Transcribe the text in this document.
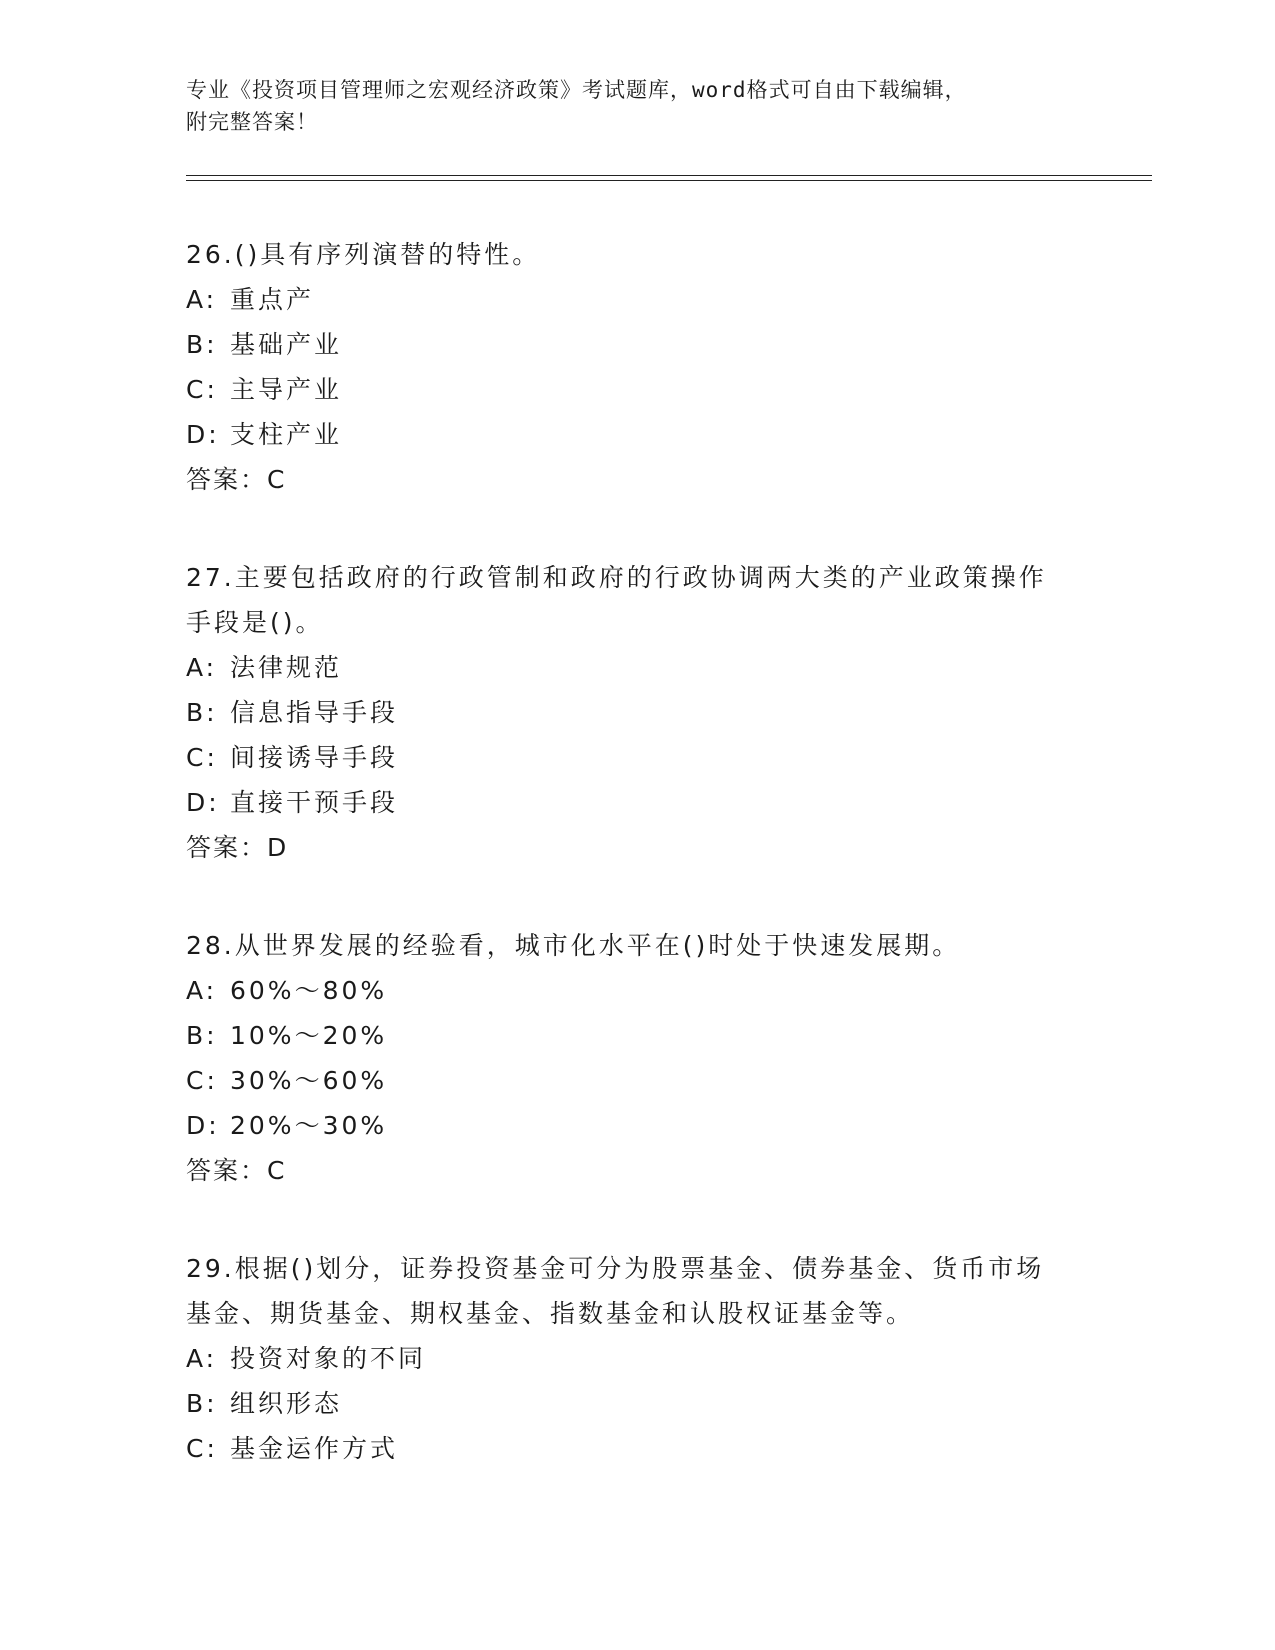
专业《投资项目管理师之宏观经济政策》考试题库，word格式可自由下载编辑，
附完整答案！

26.()具有序列演替的特性。

A: 重点产
B: 基础产业
C: 主导产业
D: 支柱产业
答案：C

27.主要包括政府的行政管制和政府的行政协调两大类的产业政策操作

手段是()。

A: 法律规范
B: 信息指导手段
C: 间接诱导手段
D: 直接干预手段
答案：D

28.从世界发展的经验看，城市化水平在()时处于快速发展期。

A: 60%～80%
B: 10%～20%
C: 30%～60%
D: 20%～30%
答案：C

29.根据()划分，证券投资基金可分为股票基金、债券基金、货币市场

基金、期货基金、期权基金、指数基金和认股权证基金等。

A: 投资对象的不同
B: 组织形态
C: 基金运作方式
